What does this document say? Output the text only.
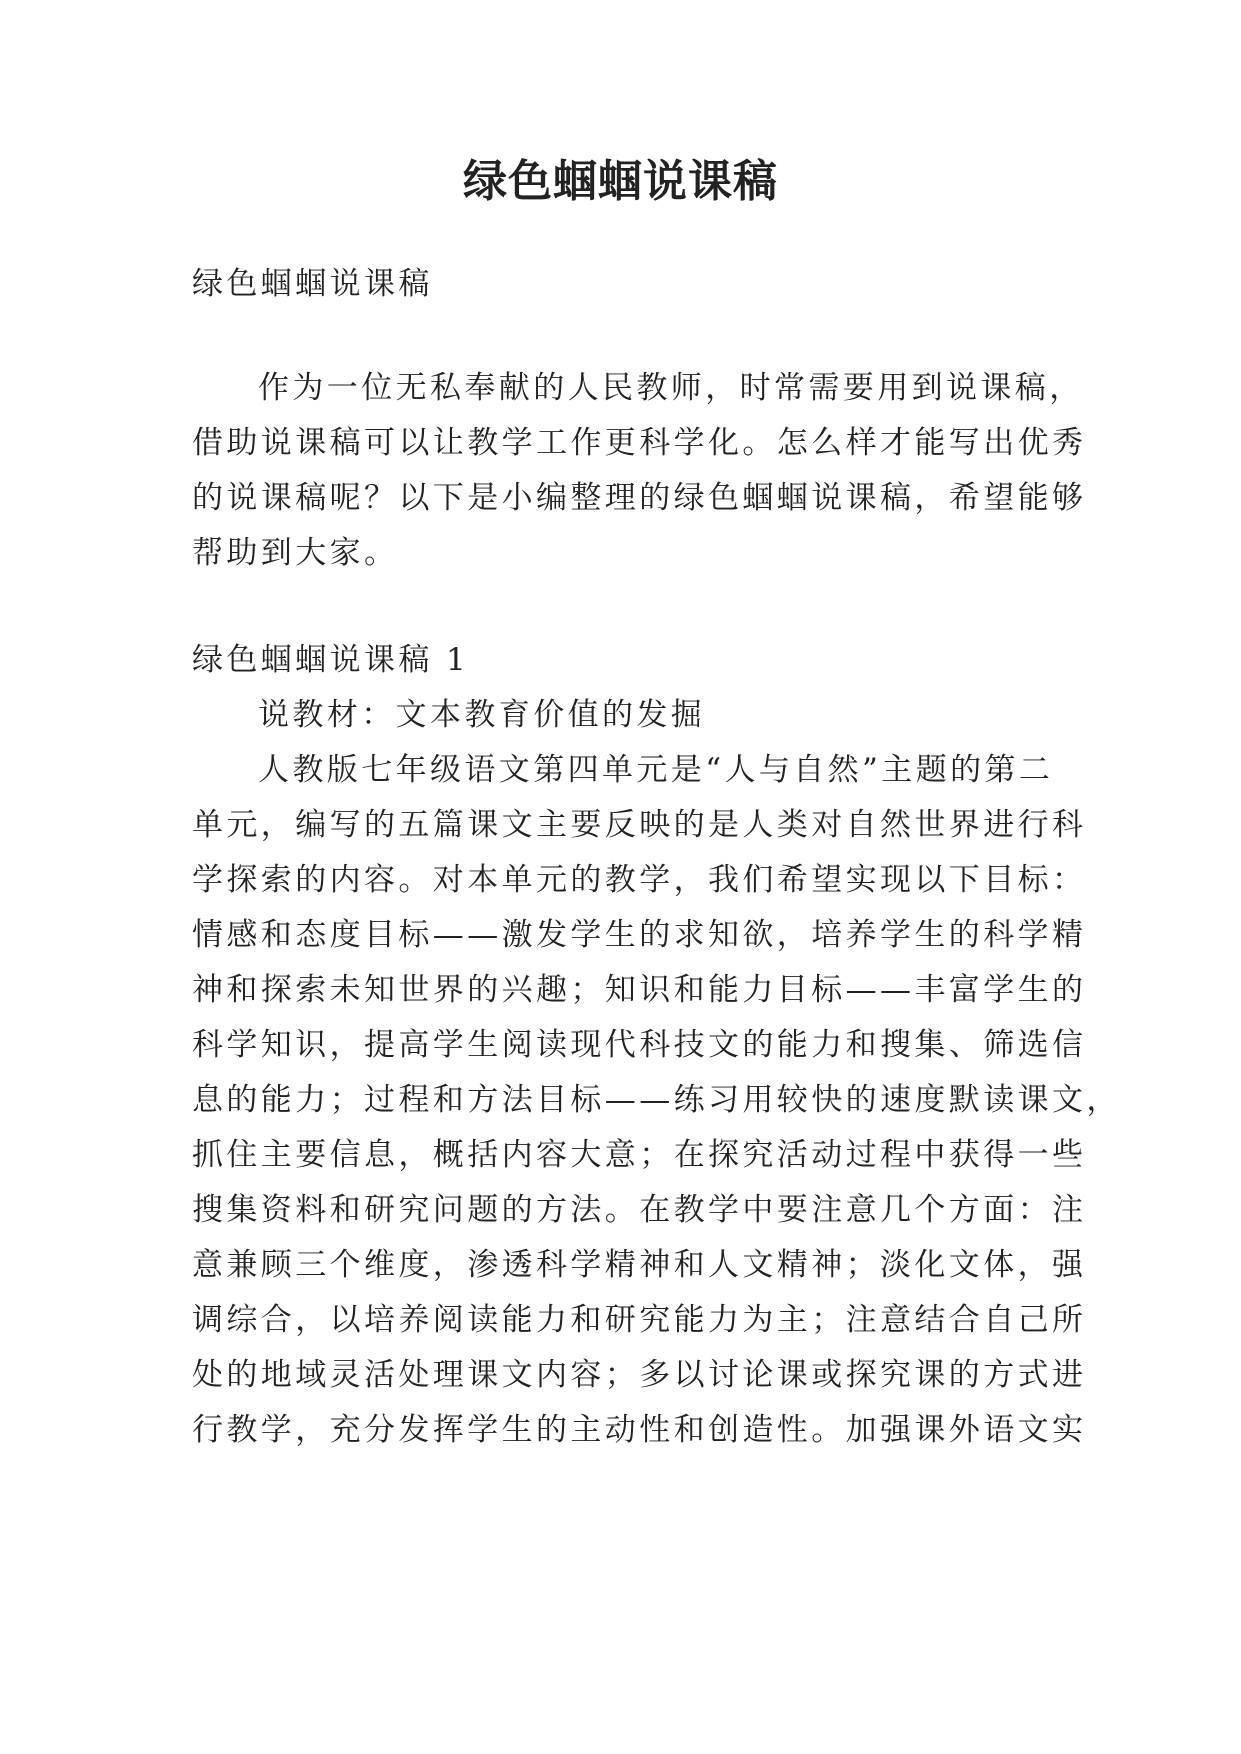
绿色蝈蝈说课稿
绿色蝈蝈说课稿
作为一位无私奉献的人民教师，时常需要用到说课稿，
借助说课稿可以让教学工作更科学化。怎么样才能写出优秀
的说课稿呢？以下是小编整理的绿色蝈蝈说课稿，希望能够
帮助到大家。
绿色蝈蝈说课稿 1
说教材：文本教育价值的发掘
人教版七年级语文第四单元是“人与自然”主题的第二
单元，编写的五篇课文主要反映的是人类对自然世界进行科
学探索的内容。对本单元的教学，我们希望实现以下目标：
情感和态度目标——激发学生的求知欲，培养学生的科学精
神和探索未知世界的兴趣；知识和能力目标——丰富学生的
科学知识，提高学生阅读现代科技文的能力和搜集、筛选信
息的能力；过程和方法目标——练习用较快的速度默读课文，
抓住主要信息，概括内容大意；在探究活动过程中获得一些
搜集资料和研究问题的方法。在教学中要注意几个方面：注
意兼顾三个维度，渗透科学精神和人文精神；淡化文体，强
调综合，以培养阅读能力和研究能力为主；注意结合自己所
处的地域灵活处理课文内容；多以讨论课或探究课的方式进
行教学，充分发挥学生的主动性和创造性。加强课外语文实
